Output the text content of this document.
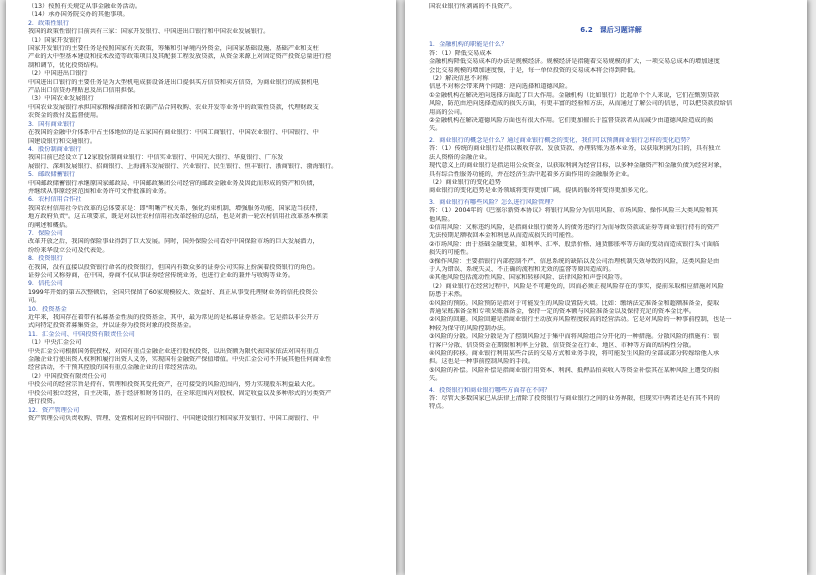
（13）按照有关规定从事金融业务活动。
（14）承办国务院交办的其他事项。
2．政策性银行
我国的政策性银行目前共有三家：国家开发银行、中国进出口银行和中国农业发展银行。
（1）国家开发银行
国家开发银行的主要任务是按照国家有关政策，筹集和引导境内外资金，向国家基础设施、基础产业和支柱
产业的大中型基本建设和技术改造等政策项目及其配套工程发放贷款，从资金来源上对固定资产投资总量进行控
制和调节，优化投资结构。
（2）中国进出口银行
中国进出口银行的主要任务是为大型机电成套设备进出口提供买方信贷和卖方信贷，为商业银行的成套机电
产品出口信贷办理贴息及出口信用担保。
（3）中国农业发展银行
中国农业发展银行承担国家粮棉油储备和农副产品合同收购、农业开发等业务中的政策性贷款，代理财政支
农资金的拨付及监督使用。
3．国有商业银行
在我国的金融中介体系中占主体地位的是五家国有商业银行：中国工商银行、中国农业银行、中国银行、中
国建设银行和交通银行。
4．股份制商业银行
我国目前已经设立了12家股份制商业银行：中信实业银行、中国光大银行、华夏银行、广东发
展银行、深圳发展银行、招商银行、上海浦东发展银行、兴业银行、民生银行、恒丰银行、浙商银行、渤海银行。
5．邮政储蓄银行
中国邮政储蓄银行承继原国家邮政局、中国邮政集团公司经营的邮政金融业务及因此而形成的资产和负债，
并继续从事原经营范围和业务许可文件批准的业务。
6．农村信用合作社
我国农村信用社今后改革的总体要求是：即"明晰产权关系，强化约束机制，增强服务功能，国家适当扶持，
地方政府负责"。这五项要求，既是对以往农村信用社改革经验的总结，也是对新一轮农村信用社改革基本框架
的阐述和概括。
7．保险公司
改革开放之后，我国的保险事业得到了巨大发展。同时，国外保险公司看好中国保险市场的巨大发展潜力，
纷纷来华设立公司及代表处。
8．投资银行
在我国，没有直接以投资银行命名的投资银行，但国内有数众多的证券公司实际上扮演着投资银行的角色。
证券公司又称券商，在中国，券商不仅从事证券经营传统业务，也进行企业的兼并与收购等业务。
9．信托公司
1999年开始的第五次整顿后，全国只保留了60家规模较大、效益好、真正从事受托理财业务的信托投资公
司。
10．投资基金
近年来，我国存在着带有私募基金性质的投资基金，其中，最为常见的是私募证券基金。它是指以非公开方
式向特定投资者募集资金，并以证券为投资对象的投资基金。
11．汇金公司、中国投资有限责任公司
（1）中央汇金公司
中央汇金公司根据国务院授权，对国有重点金融企业进行股权投资，以出资额为限代表国家依法对国有重点
金融企业行使出资人权利和履行出资人义务，实现国有金融资产保值增值。中央汇金公司不开展其他任何商业性
经营活动，不干预其控股的国有重点金融企业的日常经营活动。
（2）中国投资有限责任公司
中投公司的经营宗旨是持有、管理和投资其受托资产，在可接受的风险范围内，努力实现股东利益最大化。
中投公司独立经营，自主决策，基于经济和财务目的，在全球范围内对股权、固定收益以及多种形式的另类资产
进行投资。
12．资产管理公司
资产管理公司负责收购、管理、处置相对应的中国银行、中国建设银行和国家开发银行、中国工商银行、中
国农业银行所剥离的不良资产。
6.2　课后习题详解
1．金融机构的职能是什么？
答：（1）降低交易成本
金融机构降低交易成本的办法是规模经济。规模经济是指随着交易规模的扩大，一项交易总成本的增加速度
会比交易规模的增加速度慢，于是，每一单位投资的交易成本将会得到降低。
（2）解决信息不对称
信息不对称会带来两个问题：逆向选择和道德风险。
①金融机构在解决逆向选择方面起了巨大作用。金融机构（比如银行）比起单个个人来说，它们在甄别贷款
风险，防范由逆向选择造成的损失方面，有更丰富的经验和方法，从而通过了解公司的信息，可以把贷款投给信
用高的公司。
②金融机构在解决道德风险方面也有很大作用。它们更加擅长于监督贷款者从而减少由道德风险造成的损
失。
2．商业银行的概念是什么？通过商业银行概念的变化，我们可以预测商业银行怎样的变化趋势？
答：（1）传统的商业银行是指以吸收存款、发放贷款、办理转账为基本业务，以获取利润为目的，具有独立
法人资格的金融企业。
现代意义上的商业银行是指运用公众资金，以获取利润为经营目标，以多种金融资产和金融负债为经营对象，
具有综合性服务功能的，并在经济生活中起着多方面作用的金融服务企业。
（2）商业银行的变化趋势
商业银行的变化趋势是业务领域将变得更加广阔，提供的服务将变得更加多元化。
3．商业银行有哪些风险？怎么进行风险管理？
答：（1）2004年的《巴塞尔新资本协议》将银行风险分为信用风险、市场风险、操作风险三大类风险和其
他风险。
①信用风险：又称违约风险，是指商业银行债务人的债务违约行为而导致贷款或证券等商业银行持有的资产
无法按期足额收回本金和利息从而造成损失的可能性。
②市场风险：由于基础金融变量，如利率、汇率、股票价格、通货膨胀率等方面的变动而造成银行头寸面临
损失的可能性。
③操作风险：主要指银行内部控制不严、信息系统的缺陷以及公司治理机制失效导致的风险，这类风险是由
于人为错误、系统失灵、不正确的流程和无效的监督等原因造成的。
④其他风险包括流动性风险、国家和转移风险、法律风险和声誉风险等。
（2）商业银行在经营过程中，风险是不可避免的，因而必须正视风险存在的事实，提前采取相应措施对风险
防患于未然。
①风险的预防。风险预防是指对于可能发生的风险设置防火墙。比如：缴纳法定准备金和超额准备金，提取
普通呆账准备金和专项呆账准备金，保持一定的资本额与风险准备金以及保持充足的资本金比率。
②风险的回避。风险回避是指商业银行主动放弃风险程度较高的经营活动。它是对风险的一种事前控制，也是一
种较为保守的风险控制办法。
③风险的分散。风险分散是为了控制风险过于集中而将风险组合分开化的一种措施。分散风险的措施有：银
行客户分散、信贷资金在期限和利率上分散、信贷资金在行业、地区、市种等方面的结构性分散。
④风险的转移。商业银行利用某些合法的交易方式和业务手段，将可能发生风险的全部或部分转嫁给他人承
担。这也是一种事前控制风险的手段。
⑤风险的补偿。风险补偿是指商业银行用资本、利润、抵押品拍卖收入等资金补偿其在某种风险上遭受的损
失。
4．投资银行和商业银行哪些方面存在不同？
答：尽管大多数国家已从法律上清除了投资银行与商业银行之间的业务界限，但现实中两者还是有其不同的
特点。
